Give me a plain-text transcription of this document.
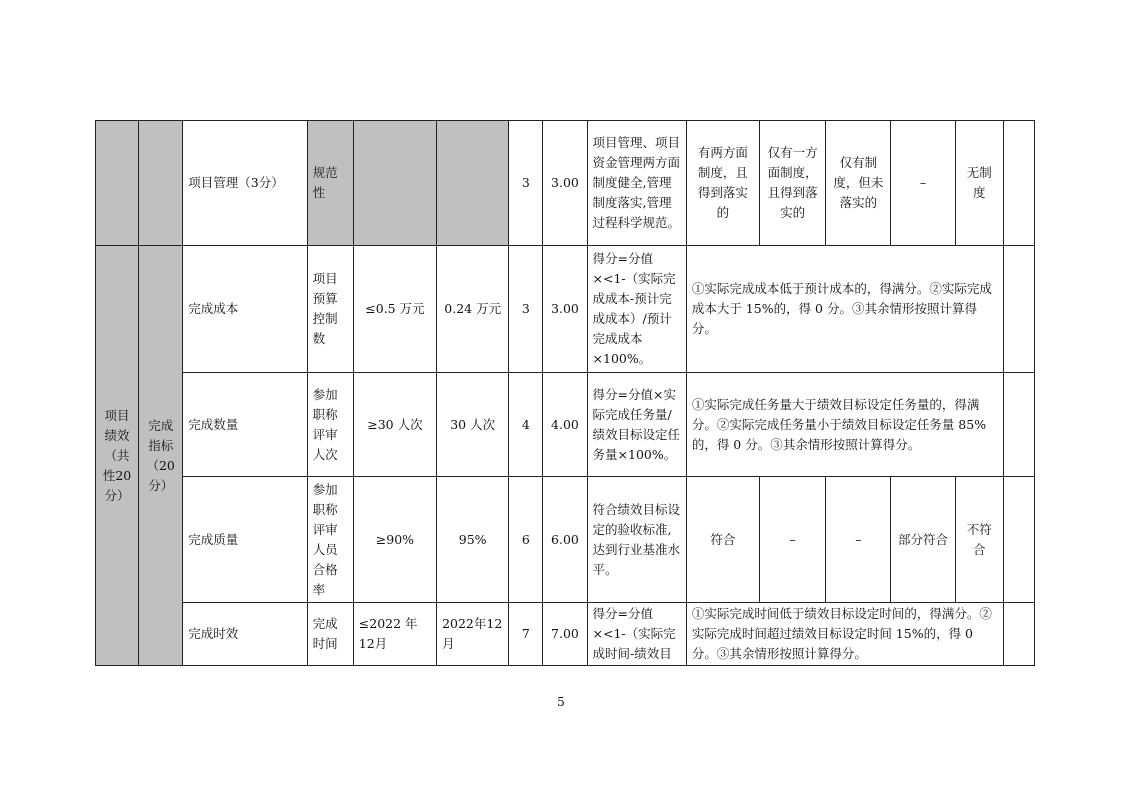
		项目管理（3分）	规范性			3	3.00	项目管理、项目资金管理两方面制度健全,管理制度落实,管理过程科学规范。	有两方面制度，且得到落实的	仅有一方面制度，且得到落实的	仅有制度，但未落实的	–	无制度	
项目绩效（共性20分）	完成指标（20分）	完成成本	项目预算控制数	≤0.5 万元	0.24 万元	3	3.00	得分=分值×<1-（实际完成成本-预计完成成本）/预计完成成本×100%。	①实际完成成本低于预计成本的，得满分。②实际完成成本大于 15%的，得 0 分。③其余情形按照计算得分。					
		完成数量	参加职称评审人次	≥30 人次	30 人次	4	4.00	得分=分值×实际完成任务量/绩效目标设定任务量×100%。	①实际完成任务量大于绩效目标设定任务量的，得满分。②实际完成任务量小于绩效目标设定任务量 85%的，得 0 分。③其余情形按照计算得分。					
		完成质量	参加职称评审人员合格率	≥90%	95%	6	6.00	符合绩效目标设定的验收标准,达到行业基准水平。	符合	–	–	部分符合	不符合	
		完成时效	完成时间	≤2022 年12月	2022年12月	7	7.00	得分=分值×<1-（实际完成时间-绩效目	①实际完成时间低于绩效目标设定时间的，得满分。②实际完成时间超过绩效目标设定时间 15%的，得 0 分。③其余情形按照计算得分。					
5
